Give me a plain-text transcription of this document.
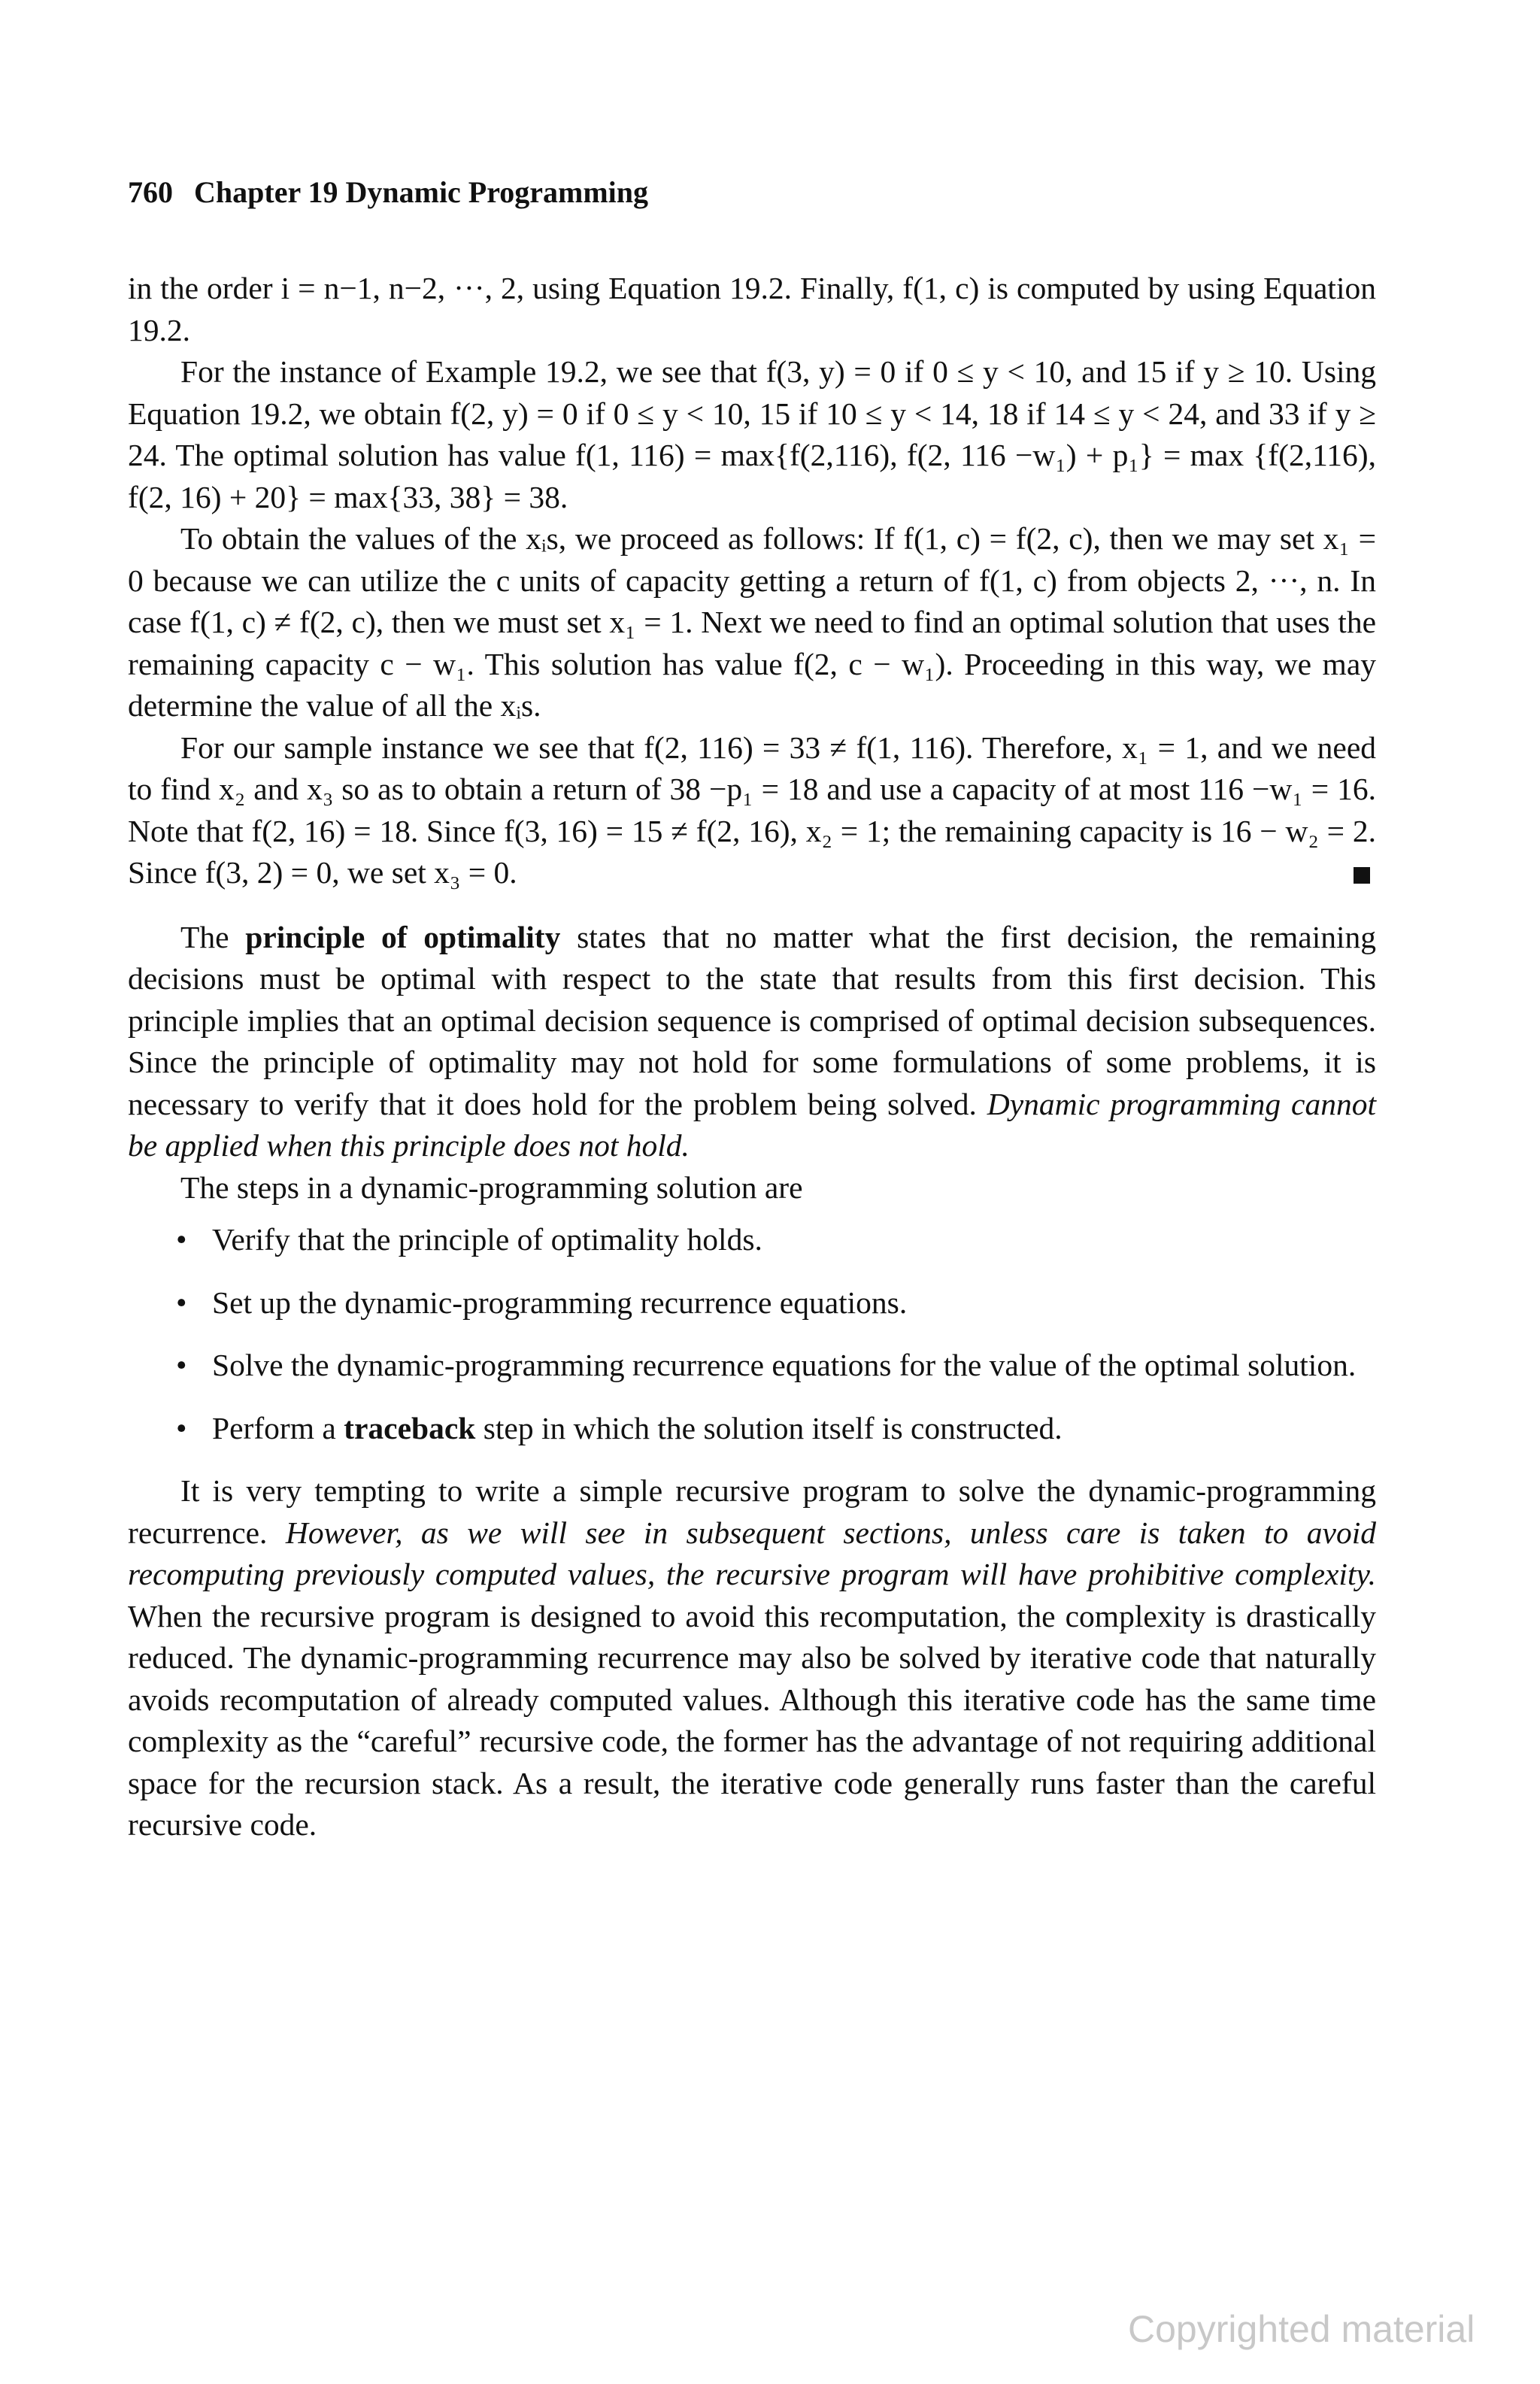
760 Chapter 19 Dynamic Programming

in the order i = n−1, n−2, ···, 2, using Equation 19.2. Finally, f(1, c) is computed by using Equation 19.2.

For the instance of Example 19.2, we see that f(3, y) = 0 if 0 ≤ y < 10, and 15 if y ≥ 10. Using Equation 19.2, we obtain f(2, y) = 0 if 0 ≤ y < 10, 15 if 10 ≤ y < 14, 18 if 14 ≤ y < 24, and 33 if y ≥ 24. The optimal solution has value f(1, 116) = max{f(2,116), f(2, 116 −w₁) + p₁} = max {f(2,116), f(2, 16) + 20} = max{33, 38} = 38.

To obtain the values of the xᵢs, we proceed as follows: If f(1, c) = f(2, c), then we may set x₁ = 0 because we can utilize the c units of capacity getting a return of f(1, c) from objects 2, ···, n. In case f(1, c) ≠ f(2, c), then we must set x₁ = 1. Next we need to find an optimal solution that uses the remaining capacity c − w₁. This solution has value f(2, c − w₁). Proceeding in this way, we may determine the value of all the xᵢs.

For our sample instance we see that f(2, 116) = 33 ≠ f(1, 116). Therefore, x₁ = 1, and we need to find x₂ and x₃ so as to obtain a return of 38 −p₁ = 18 and use a capacity of at most 116 −w₁ = 16. Note that f(2, 16) = 18. Since f(3, 16) = 15 ≠ f(2, 16), x₂ = 1; the remaining capacity is 16 − w₂ = 2. Since f(3, 2) = 0, we set x₃ = 0.

The principle of optimality states that no matter what the first decision, the remaining decisions must be optimal with respect to the state that results from this first decision. This principle implies that an optimal decision sequence is comprised of optimal decision subsequences. Since the principle of optimality may not hold for some formulations of some problems, it is necessary to verify that it does hold for the problem being solved. Dynamic programming cannot be applied when this principle does not hold.

The steps in a dynamic-programming solution are

• Verify that the principle of optimality holds.
• Set up the dynamic-programming recurrence equations.
• Solve the dynamic-programming recurrence equations for the value of the optimal solution.
• Perform a traceback step in which the solution itself is constructed.

It is very tempting to write a simple recursive program to solve the dynamic-programming recurrence. However, as we will see in subsequent sections, unless care is taken to avoid recomputing previously computed values, the recursive program will have prohibitive complexity. When the recursive program is designed to avoid this recomputation, the complexity is drastically reduced. The dynamic-programming recurrence may also be solved by iterative code that naturally avoids recomputation of already computed values. Although this iterative code has the same time complexity as the “careful” recursive code, the former has the advantage of not requiring additional space for the recursion stack. As a result, the iterative code generally runs faster than the careful recursive code.

Copyrighted material
